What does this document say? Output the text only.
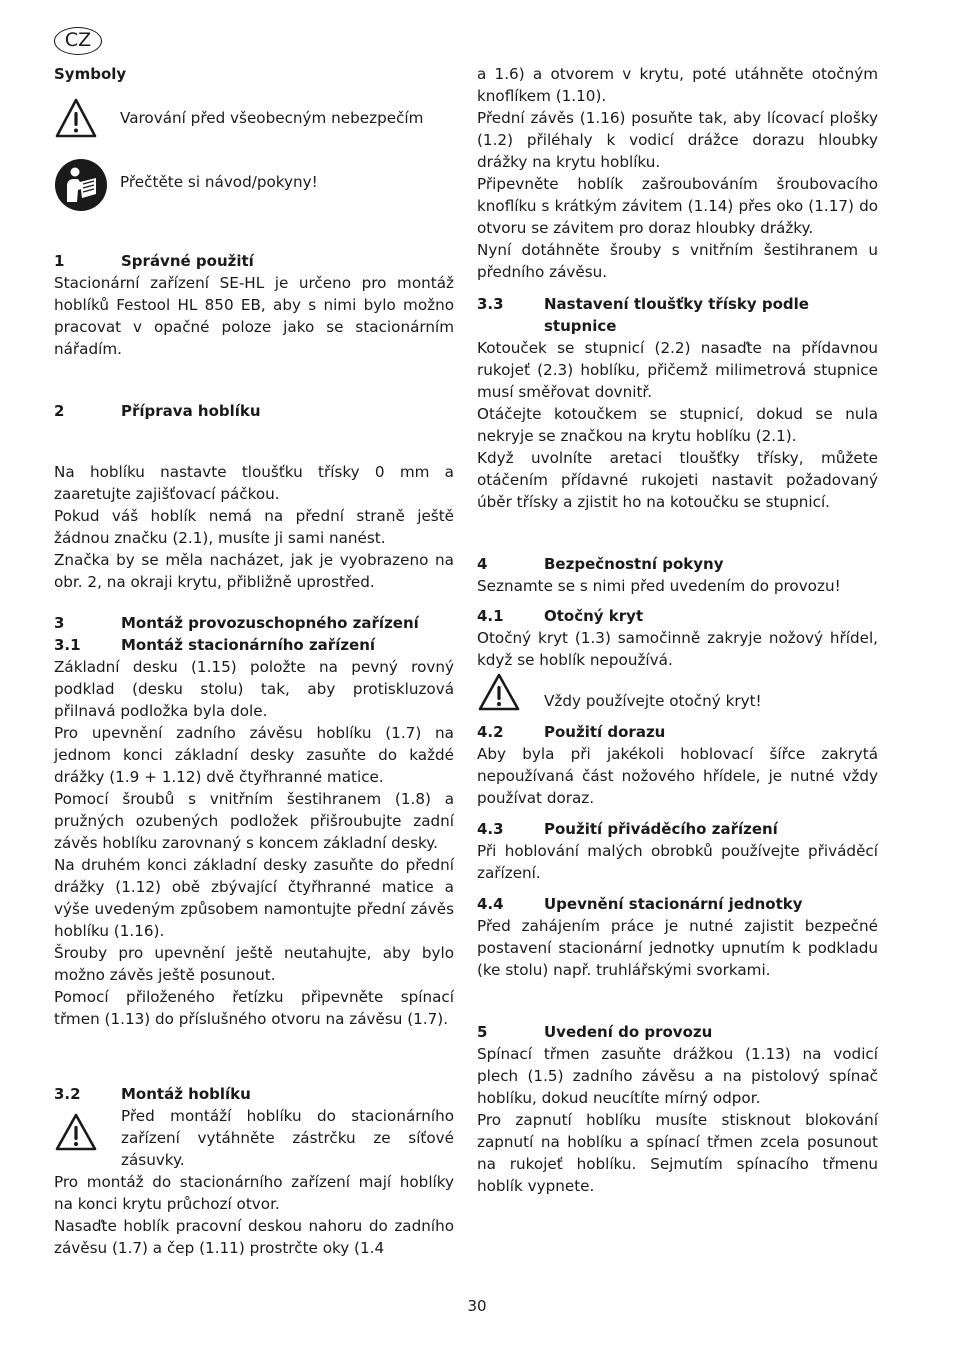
CZ
Symboly
Varování před všeobecným nebezpečím
Přečtěte si návod/pokyny!
1	Správné použití

Stacionární zařízení SE-HL je určeno pro montáž hoblíků Festool HL 850 EB, aby s nimi bylo možno pracovat v opačné poloze jako se stacionárním nářadím.

2	Příprava hoblíku

Na hoblíku nastavte tloušťku třísky 0 mm a zaaretujte zajišťovací páčkou.

Pokud váš hoblík nemá na přední straně ještě žádnou značku (2.1), musíte ji sami nanést.

Značka by se měla nacházet, jak je vyobrazeno na obr. 2, na okraji krytu, přibližně uprostřed.

3	Montáž provozuschopného zařízení
3.1	Montáž stacionárního zařízení

Základní desku (1.15) položte na pevný rovný podklad (desku stolu) tak, aby protiskluzová přilnavá podložka byla dole.

Pro upevnění zadního závěsu hoblíku (1.7) na jednom konci základní desky zasuňte do každé drážky (1.9 + 1.12) dvě čtyřhranné matice.

Pomocí šroubů s vnitřním šestihranem (1.8) a pružných ozubených podložek přišroubujte zadní závěs hoblíku zarovnaný s koncem základní desky.

Na druhém konci základní desky zasuňte do přední drážky (1.12) obě zbývající čtyřhranné matice a výše uvedeným způsobem namontujte přední závěs hoblíku (1.16).

Šrouby pro upevnění ještě neutahujte, aby bylo možno závěs ještě posunout.

Pomocí přiloženého řetízku připevněte spínací třmen (1.13) do příslušného otvoru na závěsu (1.7).

3.2	Montáž hoblíku

Před montáží hoblíku do stacionárního zařízení vytáhněte zástrčku ze síťové zásuvky.

Pro montáž do stacionárního zařízení mají hoblíky na konci krytu průchozí otvor.

Nasaďte hoblík pracovní deskou nahoru do zadního závěsu (1.7) a čep (1.11) prostrčte oky (1.4

a 1.6) a otvorem v krytu, poté utáhněte otočným knoflíkem (1.10).

Přední závěs (1.16) posuňte tak, aby lícovací plošky (1.2) přiléhaly k vodicí drážce dorazu hloubky drážky na krytu hoblíku.

Připevněte hoblík zašroubováním šroubovacího knoflíku s krátkým závitem (1.14) přes oko (1.17) do otvoru se závitem pro doraz hloubky drážky.

Nyní dotáhněte šrouby s vnitřním šestihranem u předního závěsu.

3.3	Nastavení tloušťky třísky podle stupnice

Kotouček se stupnicí (2.2) nasaďte na přídavnou rukojeť (2.3) hoblíku, přičemž milimetrová stupnice musí směřovat dovnitř.

Otáčejte kotoučkem se stupnicí, dokud se nula nekryje se značkou na krytu hoblíku (2.1).

Když uvolníte aretaci tloušťky třísky, můžete otáčením přídavné rukojeti nastavit požadovaný úběr třísky a zjistit ho na kotoučku se stupnicí.

4	Bezpečnostní pokyny

Seznamte se s nimi před uvedením do provozu!

4.1	Otočný kryt

Otočný kryt (1.3) samočinně zakryje nožový hřídel, když se hoblík nepoužívá.

Vždy používejte otočný kryt!
4.2	Použití dorazu

Aby byla při jakékoli hoblovací šířce zakrytá nepoužívaná část nožového hřídele, je nutné vždy používat doraz.

4.3	Použití přiváděcího zařízení

Při hoblování malých obrobků používejte přiváděcí zařízení.

4.4	Upevnění stacionární jednotky

Před zahájením práce je nutné zajistit bezpečné postavení stacionární jednotky upnutím k podkladu (ke stolu) např. truhlářskými svorkami.

5	Uvedení do provozu

Spínací třmen zasuňte drážkou (1.13) na vodicí plech (1.5) zadního závěsu a na pistolový spínač hoblíku, dokud neucítíte mírný odpor.

Pro zapnutí hoblíku musíte stisknout blokování zapnutí na hoblíku a spínací třmen zcela posunout na rukojeť hoblíku. Sejmutím spínacího třmenu hoblík vypnete.

30
